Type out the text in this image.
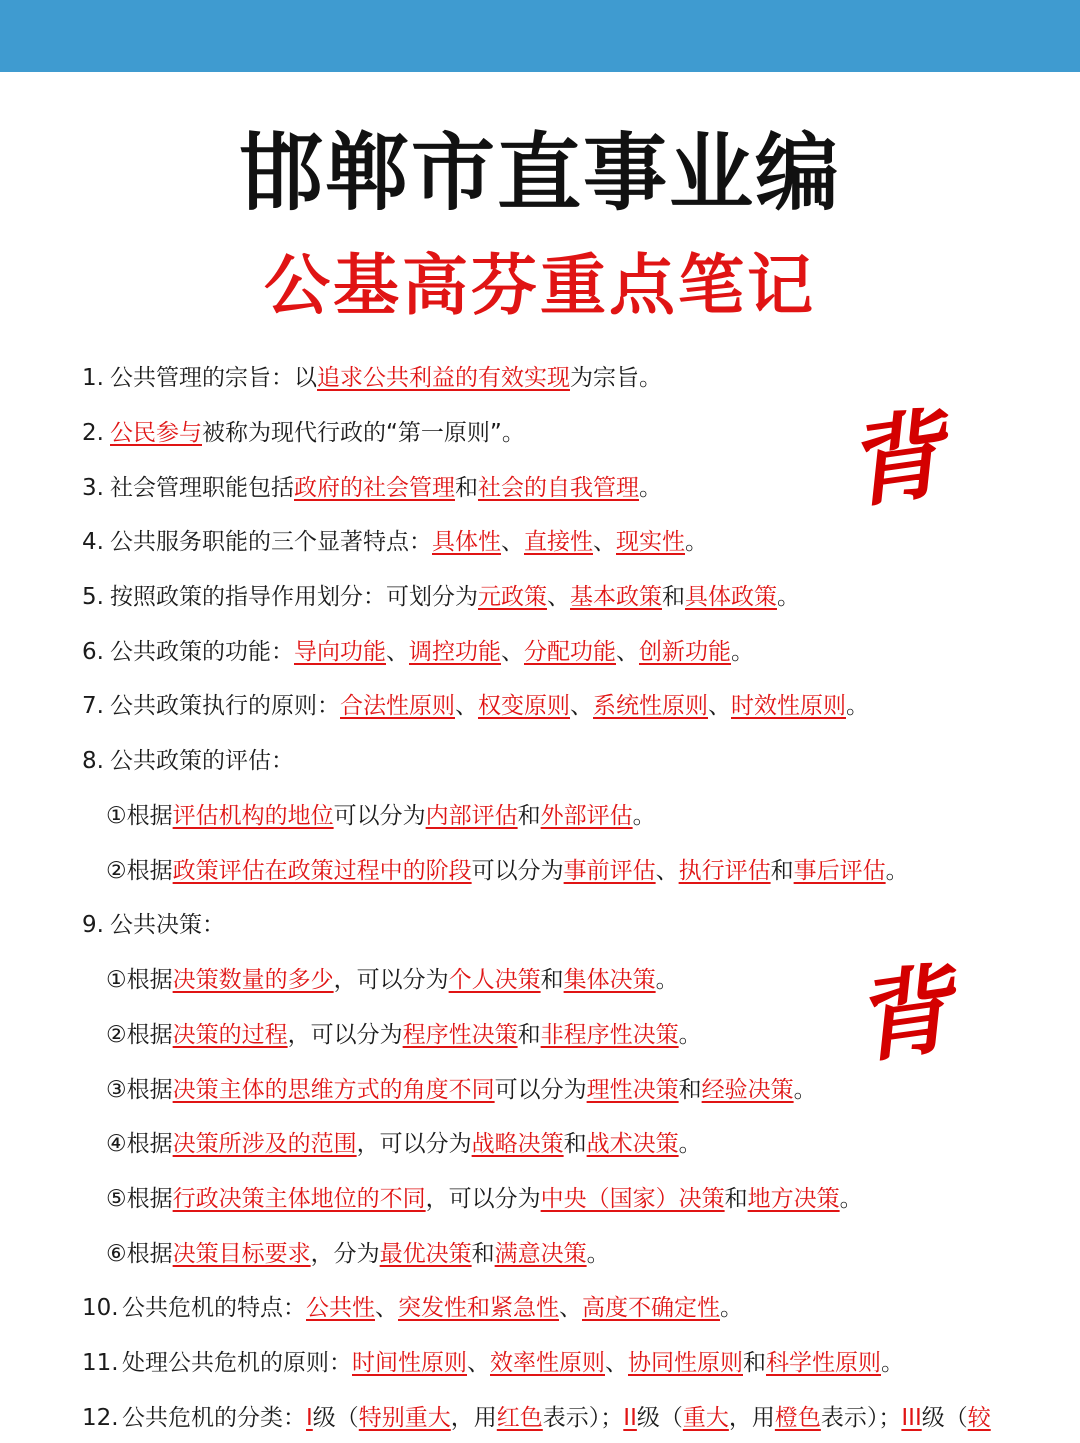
邯郸市直事业编
公基高芬重点笔记
背
背
1. 公共管理的宗旨：以追求公共利益的有效实现为宗旨。
2. 公民参与被称为现代行政的“第一原则”。
3. 社会管理职能包括政府的社会管理和社会的自我管理。
4. 公共服务职能的三个显著特点：具体性、直接性、现实性。
5. 按照政策的指导作用划分：可划分为元政策、基本政策和具体政策。
6. 公共政策的功能：导向功能、调控功能、分配功能、创新功能。
7. 公共政策执行的原则：合法性原则、权变原则、系统性原则、时效性原则。
8. 公共政策的评估：
①根据评估机构的地位可以分为内部评估和外部评估。
②根据政策评估在政策过程中的阶段可以分为事前评估、执行评估和事后评估。
9. 公共决策：
①根据决策数量的多少，可以分为个人决策和集体决策。
②根据决策的过程，可以分为程序性决策和非程序性决策。
③根据决策主体的思维方式的角度不同可以分为理性决策和经验决策。
④根据决策所涉及的范围，可以分为战略决策和战术决策。
⑤根据行政决策主体地位的不同，可以分为中央（国家）决策和地方决策。
⑥根据决策目标要求，分为最优决策和满意决策。
10. 公共危机的特点：公共性、突发性和紧急性、高度不确定性。
11. 处理公共危机的原则：时间性原则、效率性原则、协同性原则和科学性原则。
12. 公共危机的分类：I级（特别重大，用红色表示）；II级（重大，用橙色表示）；III级（较
